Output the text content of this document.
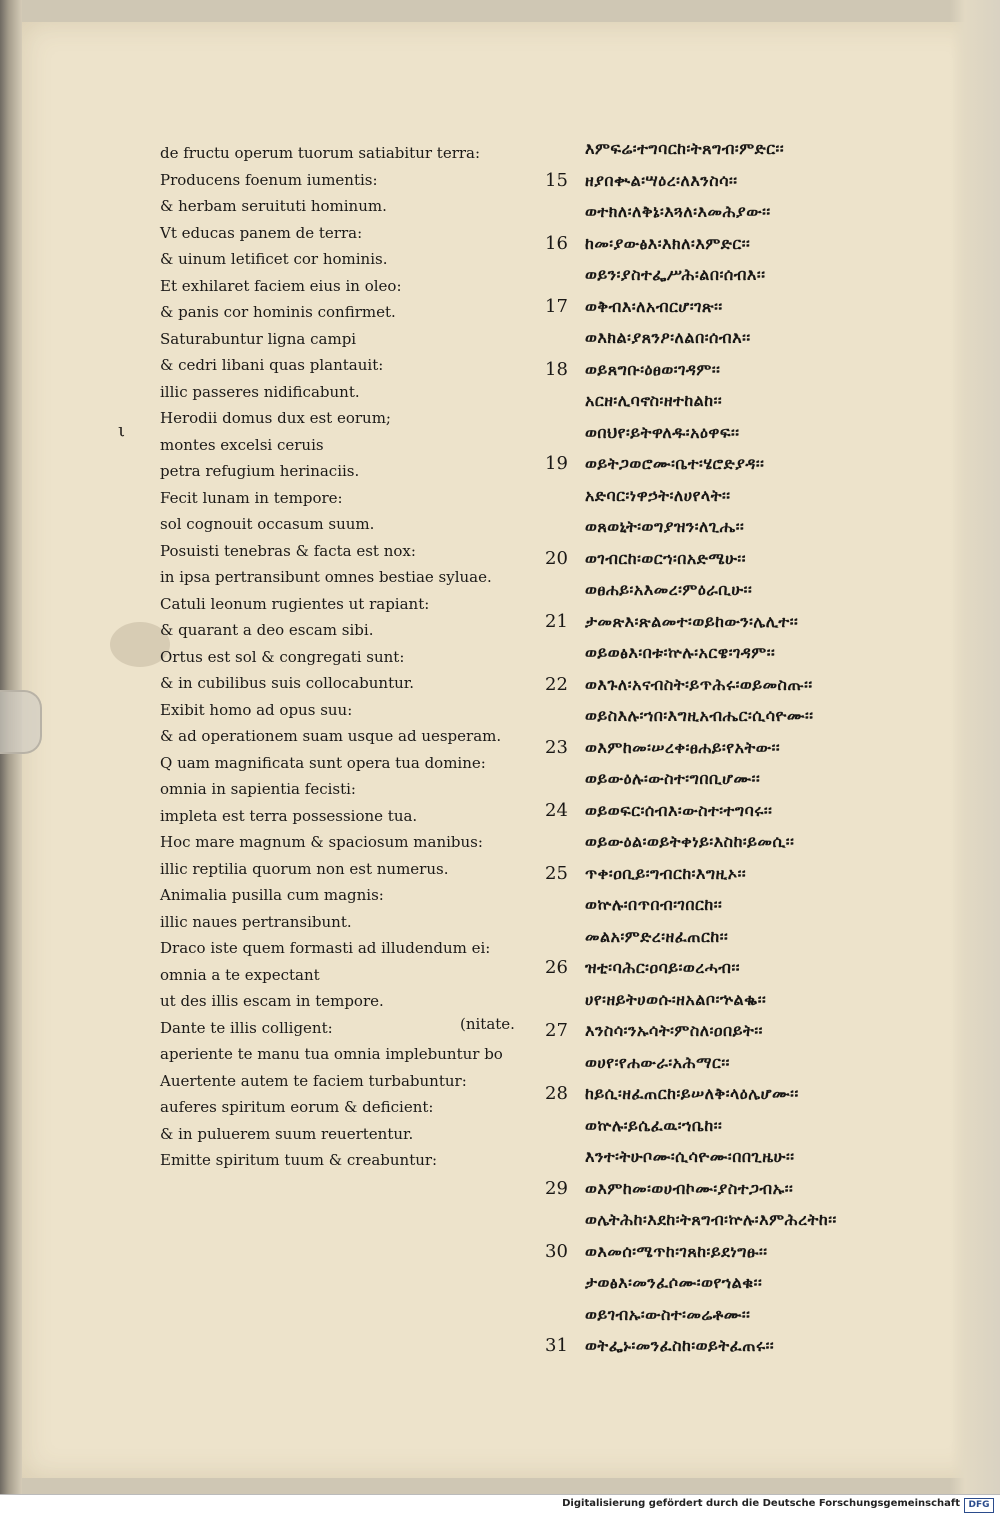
ι
de fructu operum tuorum satiabitur terra:
Producens foenum iumentis:
& herbam seruituti hominum.
Vt educas panem de terra:
& uinum letificet cor hominis.
Et exhilaret faciem eius in oleo:
& panis cor hominis confirmet.
Saturabuntur ligna campi
& cedri libani quas plantauit:
illic passeres nidificabunt.
Herodii domus dux est eorum;
montes excelsi ceruis
petra refugium herinaciis.
Fecit lunam in tempore:
sol cognouit occasum suum.
Posuisti tenebras & facta est nox:
in ipsa pertransibunt omnes bestiae syluae.
Catuli leonum rugientes ut rapiant:
& quarant a deo escam sibi.
Ortus est sol & congregati sunt:
& in cubilibus suis collocabuntur.
Exibit homo ad opus suu:
& ad operationem suam usque ad uesperam.
Q uam magnificata sunt opera tua domine:
omnia in sapientia fecisti:
impleta est terra possessione tua.
Hoc mare magnum & spaciosum manibus:
illic reptilia quorum non est numerus.
Animalia pusilla cum magnis:
illic naues pertransibunt.
Draco iste quem formasti ad illudendum ei:
omnia a te expectant
ut des illis escam in tempore.
Dante te illis colligent:	(nitate.
aperiente te manu tua omnia implebuntur bo
Auertente autem te faciem turbabuntur:
auferes spiritum eorum & deficient:
& in puluerem suum reuertentur.
Emitte spiritum tuum & creabuntur:
እምፍሬ፡ተግባርከ፡ትጸግብ፡ምድር፡፡
15	ዘያበቊል፡ሣዕረ፡ለእንስሳ፡፡
ወተክለ፡ለቅኔ፡እጓለ፡እመሕያው፡፡
16	ከመ፡ያውፅእ፡እክለ፡እምድር፡፡
ወይን፡ያስተፌሥሕ፡ልበ፡ሰብእ፡፡
17	ወቅብእ፡ለአብርሆ፡ገጽ፡፡
ወእክል፡ያጸንዖ፡ለልበ፡ሰብእ፡፡
18	ወይጸግቡ፡ዕፀወ፡ገዳም፡፡
አርዘ፡ሊባኖስ፡ዘተከልከ፡፡
ወበህየ፡ይትዋለዱ፡አዕዋፍ፡፡
19	ወይትጋወሮሙ፡ቤተ፡ሄሮድያዳ፡፡
አድባር፡ነዋኃት፡ለሀየላት፡፡
ወጸወኒት፡ወግያዝን፡ለጊሔ፡፡
20	ወገብርከ፡ወርኀ፡በአድሜሁ፡፡
ወፀሐይ፡አእመረ፡ምዕራቢሁ፡፡
21	ታመጽእ፡ጽልመተ፡ወይከውን፡ሌሊተ፡፡
ወይወፅእ፡በቱ፡ኵሉ፡አርዌ፡ገዳም፡፡
22	ወእጉለ፡አናብስት፡ይጥሕሩ፡ወይመስጡ፡፡
ወይስእሉ፡ኀበ፡እግዚአብሔር፡ሲሳዮሙ፡፡
23	ወእምከመ፡ሠረቀ፡ፀሐይ፡የአትው፡፡
ወይውዕሉ፡ውስተ፡ግበቢሆሙ፡፡
24	ወይወፍር፡ሰብእ፡ውስተ፡ተግባሩ፡፡
ወይውዕል፡ወይትቀነይ፡እስከ፡ይመሲ፡፡
25	ጥቀ፡ዐቢይ፡ግብርከ፡እግዚኦ፡፡
ወኵሉ፡በጥበብ፡ገበርከ፡፡
መልአ፡ምድረ፡ዘፈጠርከ፡፡
26	ዝቲ፡ባሕር፡ዐባይ፡ወረሓብ፡፡
ሀየ፡ዘይትሀወሱ፡ዘአልቦ፡ኍልቈ፡፡
27	እንስሳ፡ንኡሳት፡ምስለ፡ዐበይት፡፡
ወሀየ፡የሐውራ፡አሕማር፡፡
28	ከይሲ፡ዘፈጠርከ፡ይሠለቅ፡ላዕሌሆሙ፡፡
ወኵሉ፡ይሴፈዉ፡ኀቤከ፡፡
እንተ፡ትሁቦሙ፡ሲሳዮሙ፡በበጊዜሁ፡፡
29	ወእምከመ፡ወሀብኮሙ፡ያስተጋብኡ፡፡
ወሌትሕከ፡እደከ፡ትጸግብ፡ኵሉ፡እምሕረትከ፡፡
30	ወእመሰ፡ሜጥከ፡ገጸከ፡ይደነግፁ፡፡
ታወፅእ፡መንፈሶሙ፡ወየኀልቁ፡፡
ወይገብኡ፡ውስተ፡መሬቶሙ፡፡
31	ወትፌኑ፡መንፈስከ፡ወይትፈጠሩ፡፡
Digitalisierung gefördert durch die Deutsche Forschungsgemeinschaft DFG
